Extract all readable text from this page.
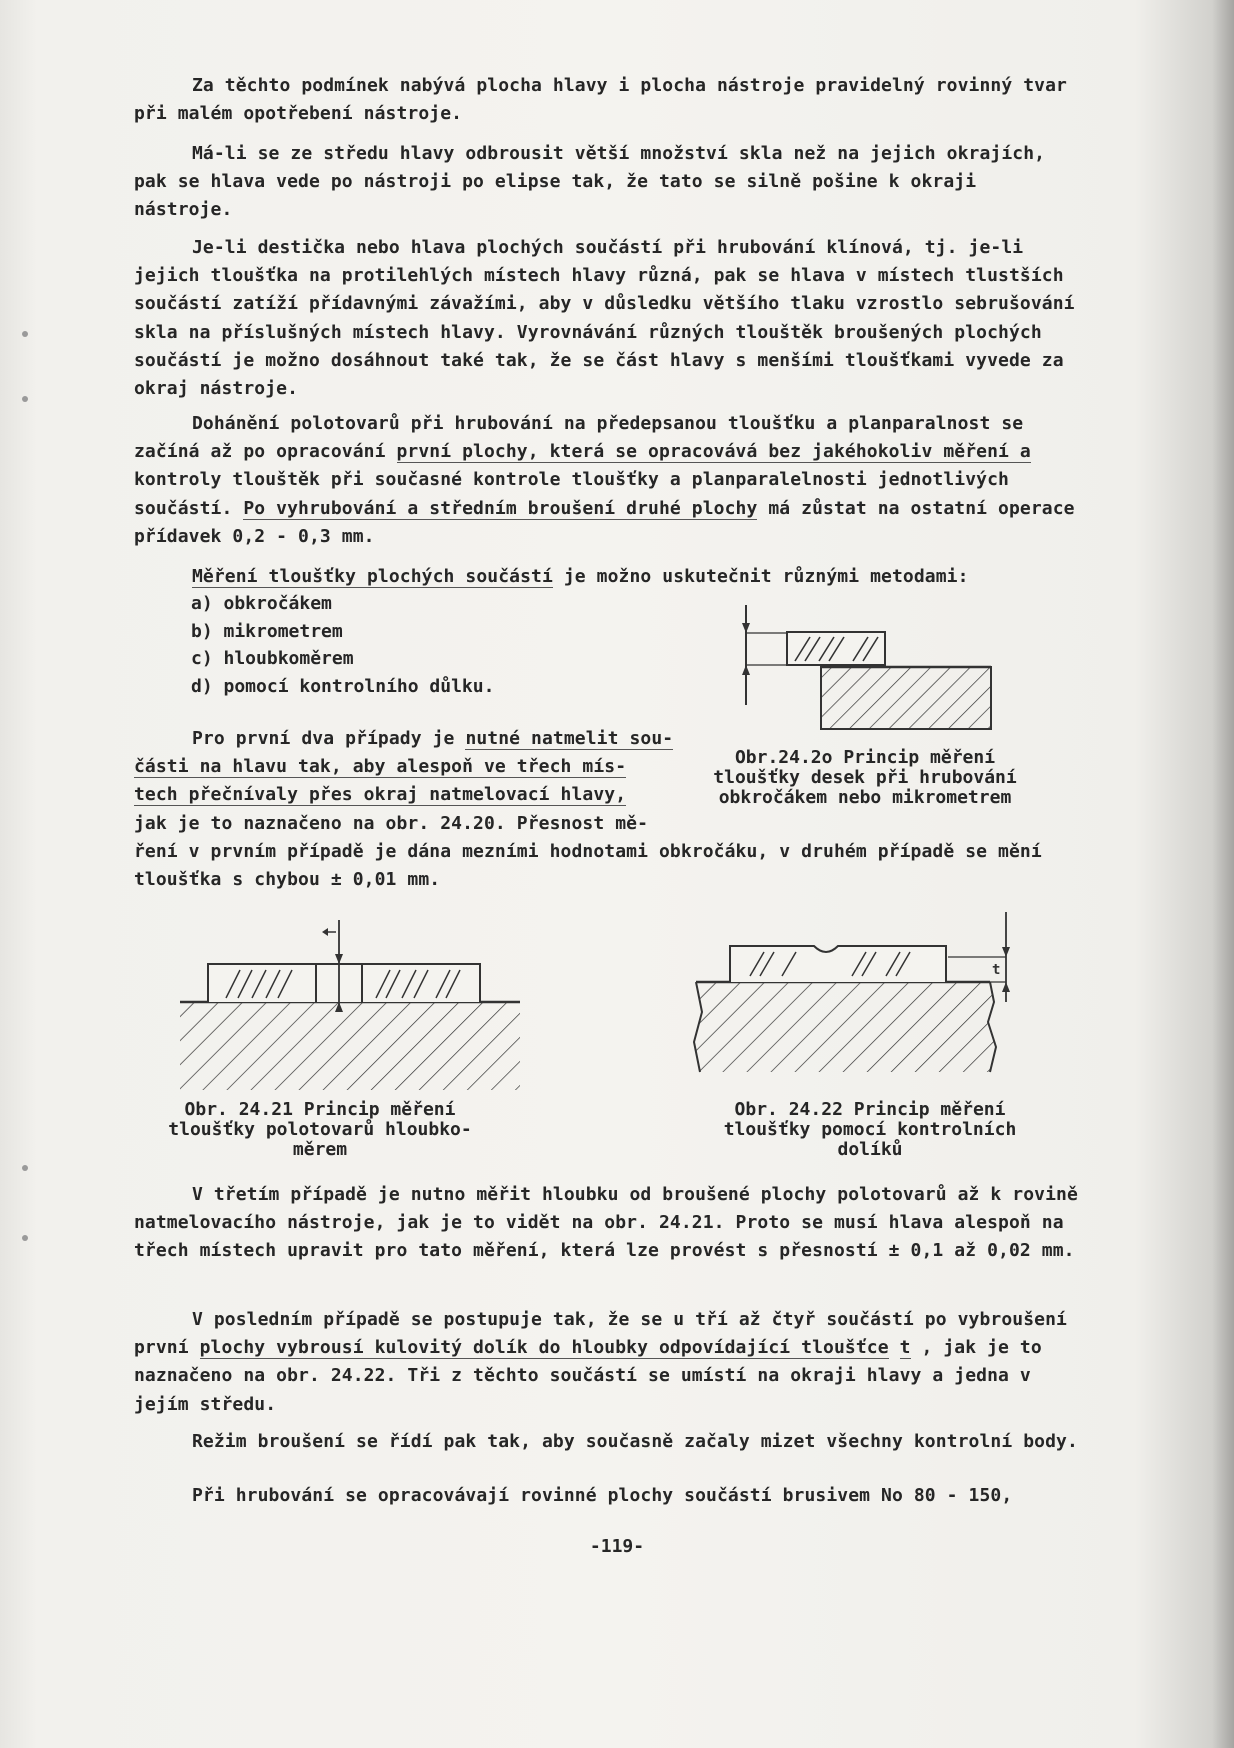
Za těchto podmínek nabývá plocha hlavy i plocha nástroje pravidelný rovinný tvar při malém opotřebení nástroje.

Má-li se ze středu hlavy odbrousit větší množství skla než na jejich okrajích, pak se hlava vede po nástroji po elipse tak, že tato se silně pošine k okraji nástroje.

Je-li destička nebo hlava plochých součástí při hrubování klínová, tj. je-li jejich tloušťka na protilehlých místech hlavy různá, pak se hlava v místech tlustších součástí zatíží přídavnými závažími, aby v důsledku většího tlaku vzrostlo sebrušování skla na příslušných místech hlavy. Vyrovnávání různých tlouštěk broušených plochých součástí je možno dosáhnout také tak, že se část hlavy s menšími tloušťkami vyvede za okraj nástroje.

Dohánění polotovarů při hrubování na předepsanou tloušťku a planparalnost se začíná až po opracování první plochy, která se opracovává bez jakéhokoliv měření a kontroly tlouštěk při současné kontrole tloušťky a planparalelnosti jednotlivých součástí. Po vyhrubování a středním broušení druhé plochy má zůstat na ostatní operace přídavek 0,2 - 0,3 mm.

Měření tloušťky plochých součástí je možno uskutečnit různými metodami:

a) obkročákem
b) mikrometrem
c) hloubkoměrem
d) pomocí kontrolního důlku.
Pro první dva případy je nutné natmelit sou-
části na hlavu tak, aby alespoň ve třech mís-
tech přečnívaly přes okraj natmelovací hlavy,
jak je to naznačeno na obr. 24.20. Přesnost mě-

ření v prvním případě je dána mezními hodnotami obkročáku, v druhém případě se mění tloušťka s chybou ± 0,01 mm.

Obr.24.2o Princip měření
tloušťky desek při hrubování
obkročákem nebo mikrometrem
Obr. 24.21 Princip měření
tloušťky polotovarů hloubko-
měrem
t
Obr. 24.22 Princip měření
tloušťky pomocí kontrolních
dolíků

V třetím případě je nutno měřit hloubku od broušené plochy polotovarů až k rovině natmelovacího nástroje, jak je to vidět na obr. 24.21. Proto se musí hlava alespoň na třech místech upravit pro tato měření, která lze provést s přesností ± 0,1 až 0,02 mm.

V posledním případě se postupuje tak, že se u tří až čtyř součástí po vybroušení první plochy vybrousí kulovitý dolík do hloubky odpovídající tloušťce t , jak je to naznačeno na obr. 24.22. Tři z těchto součástí se umístí na okraji hlavy a jedna v jejím středu.

Režim broušení se řídí pak tak, aby současně začaly mizet všechny kontrolní body.

Při hrubování se opracovávají rovinné plochy součástí brusivem No 80 - 150,

-119-
